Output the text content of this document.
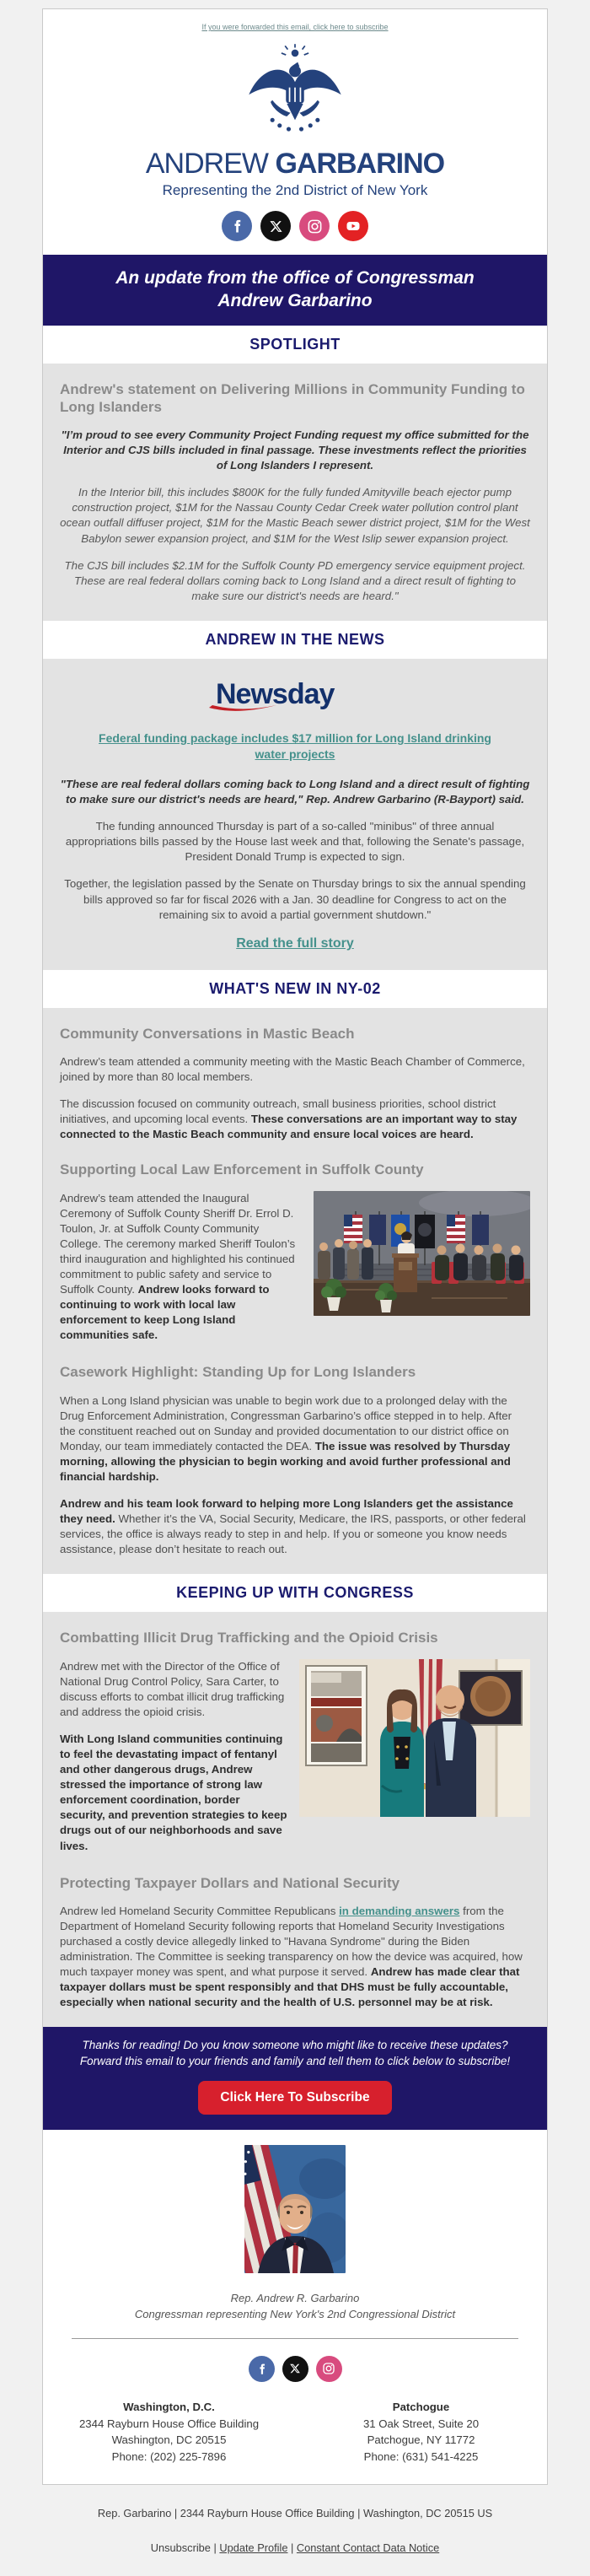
If you were forwarded this email, click here to subscribe
ANDREW GARBARINO
Representing the 2nd District of New York
An update from the office of Congressman
Andrew Garbarino
SPOTLIGHT
Andrew's statement on Delivering Millions in Community Funding to Long Islanders

"I’m proud to see every Community Project Funding request my office submitted for the Interior and CJS bills included in final passage. These investments reflect the priorities of Long Islanders I represent.

In the Interior bill, this includes $800K for the fully funded Amityville beach ejector pump construction project, $1M for the Nassau County Cedar Creek water pollution control plant ocean outfall diffuser project, $1M for the Mastic Beach sewer district project, $1M for the West Babylon sewer expansion project, and $1M for the West Islip sewer expansion project.

The CJS bill includes $2.1M for the Suffolk County PD emergency service equipment project. These are real federal dollars coming back to Long Island and a direct result of fighting to make sure our district's needs are heard."

ANDREW IN THE NEWS
Newsday
Federal funding package includes $17 million for Long Island drinking water projects

"These are real federal dollars coming back to Long Island and a direct result of fighting to make sure our district's needs are heard," Rep. Andrew Garbarino (R-Bayport) said.

The funding announced Thursday is part of a so-called "minibus" of three annual appropriations bills passed by the House last week and that, following the Senate's passage, President Donald Trump is expected to sign.

Together, the legislation passed by the Senate on Thursday brings to six the annual spending bills approved so far for fiscal 2026 with a Jan. 30 deadline for Congress to act on the remaining six to avoid a partial government shutdown."

Read the full story
WHAT'S NEW IN NY-02
Community Conversations in Mastic Beach

Andrew’s team attended a community meeting with the Mastic Beach Chamber of Commerce, joined by more than 80 local members.

The discussion focused on community outreach, small business priorities, school district initiatives, and upcoming local events. These conversations are an important way to stay connected to the Mastic Beach community and ensure local voices are heard.

Supporting Local Law Enforcement in Suffolk County

Andrew’s team attended the Inaugural Ceremony of Suffolk County Sheriff Dr. Errol D. Toulon, Jr. at Suffolk County Community College. The ceremony marked Sheriff Toulon’s third inauguration and highlighted his continued commitment to public safety and service to Suffolk County. Andrew looks forward to continuing to work with local law enforcement to keep Long Island communities safe.

Casework Highlight: Standing Up for Long Islanders

When a Long Island physician was unable to begin work due to a prolonged delay with the Drug Enforcement Administration, Congressman Garbarino’s office stepped in to help. After the constituent reached out on Sunday and provided documentation to our district office on Monday, our team immediately contacted the DEA. The issue was resolved by Thursday morning, allowing the physician to begin working and avoid further professional and financial hardship.

Andrew and his team look forward to helping more Long Islanders get the assistance they need. Whether it’s the VA, Social Security, Medicare, the IRS, passports, or other federal services, the office is always ready to step in and help. If you or someone you know needs assistance, please don’t hesitate to reach out.

KEEPING UP WITH CONGRESS
Combatting Illicit Drug Trafficking and the Opioid Crisis

Andrew met with the Director of the Office of National Drug Control Policy, Sara Carter, to discuss efforts to combat illicit drug trafficking and address the opioid crisis.

With Long Island communities continuing to feel the devastating impact of fentanyl and other dangerous drugs, Andrew stressed the importance of strong law enforcement coordination, border security, and prevention strategies to keep drugs out of our neighborhoods and save lives.

Protecting Taxpayer Dollars and National Security

Andrew led Homeland Security Committee Republicans in demanding answers from the Department of Homeland Security following reports that Homeland Security Investigations purchased a costly device allegedly linked to "Havana Syndrome" during the Biden administration. The Committee is seeking transparency on how the device was acquired, how much taxpayer money was spent, and what purpose it served. Andrew has made clear that taxpayer dollars must be spent responsibly and that DHS must be fully accountable, especially when national security and the health of U.S. personnel may be at risk.

Thanks for reading! Do you know someone who might like to receive these updates? Forward this email to your friends and family and tell them to click below to subscribe!

Click Here To Subscribe
Rep. Andrew R. Garbarino
Congressman representing New York's 2nd Congressional District
Washington, D.C.
2344 Rayburn House Office Building
Washington, DC 20515
Phone: (202) 225-7896
Patchogue
31 Oak Street, Suite 20
Patchogue, NY 11772
Phone: (631) 541-4225
Rep. Garbarino | 2344 Rayburn House Office Building | Washington, DC 20515 US
Unsubscribe | Update Profile | Constant Contact Data Notice
